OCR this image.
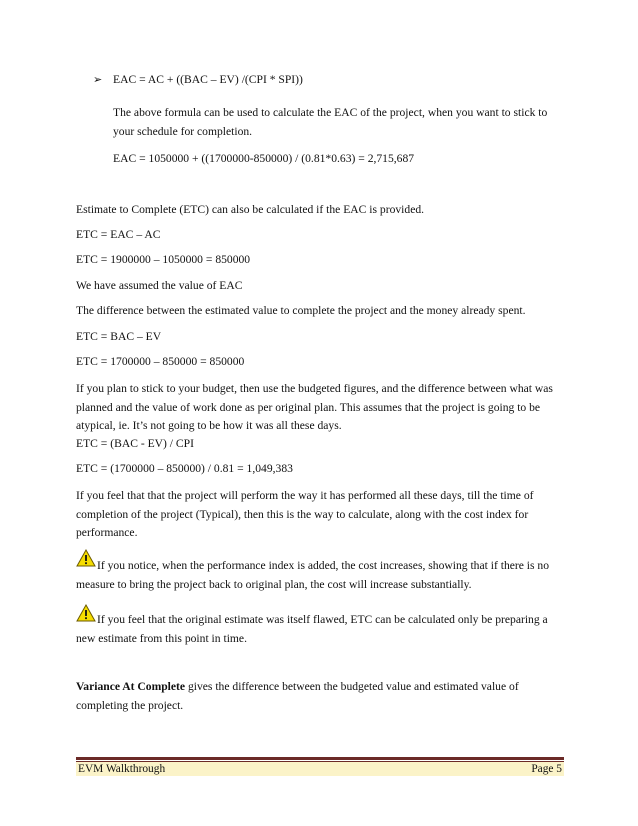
➢ EAC = AC + ((BAC – EV) /(CPI * SPI))
The above formula can be used to calculate the EAC of the project, when you want to stick to your schedule for completion.
EAC = 1050000 + ((1700000-850000) / (0.81*0.63) = 2,715,687
Estimate to Complete (ETC) can also be calculated if the EAC is provided.
ETC = EAC – AC
ETC = 1900000 – 1050000 = 850000
We have assumed the value of EAC
The difference between the estimated value to complete the project and the money already spent.
ETC = BAC – EV
ETC = 1700000 – 850000 = 850000
If you plan to stick to your budget, then use the budgeted figures, and the difference between what was planned and the value of work done as per original plan. This assumes that the project is going to be atypical, ie. It’s not going to be how it was all these days.
ETC = (BAC - EV) / CPI
ETC = (1700000 – 850000) / 0.81 = 1,049,383
If you feel that that the project will perform the way it has performed all these days, till the time of completion of the project (Typical), then this is the way to calculate, along with the cost index for performance.
If you notice, when the performance index is added, the cost increases, showing that if there is no measure to bring the project back to original plan, the cost will increase substantially.
If you feel that the original estimate was itself flawed, ETC can be calculated only be preparing a new estimate from this point in time.
Variance At Complete gives the difference between the budgeted value and estimated value of completing the project.
EVM Walkthrough	Page 5
